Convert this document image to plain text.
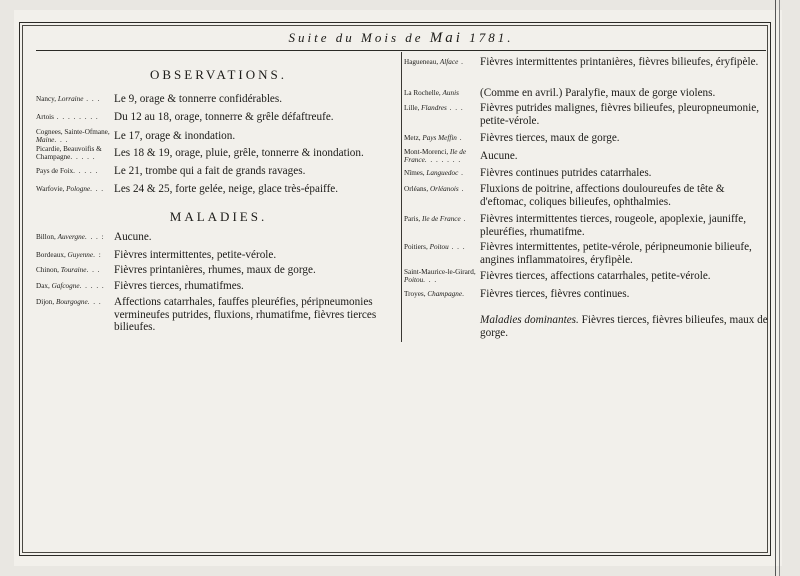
Suite du Mois de Mai 1781.
OBSERVATIONS.
Nancy, Lorraine . . .	Le 9, orage & tonnerre confidérables.
Artois . . . . . . . .	Du 12 au 18, orage, tonnerre & grêle défaftreufe.
Cognees, Sainte-Ofmane, Maine. . .	Le 17, orage & inondation.
Picardie, Beauvoifis & Champagne. . . . .	Les 18 & 19, orage, pluie, grêle, tonnerre & inondation.
Pays de Foix. . . . .	Le 21, trombe qui a fait de grands ravages.
Warfovie, Pologne. . . Les 24 & 25, forte gelée, neige, glace très-épaiffe.
MALADIES.
Billon, Auvergne. . . : Aucune.
Bordeaux, Guyenne. :	Fièvres intermittentes, petite-vérole.
Chinon, Touraine. . .	Fièvres printanières, rhumes, maux de gorge.
Dax, Gafcogne. . . . . Fièvres tierces, rhumatifmes.
Dijon, Bourgogne. . .	Affections catarrhales, fauffes pleuréfies, péripneumonies vermineufes putrides, fluxions, rhumatifme, fièvres tierces bilieufes.
Hagueneau, Alface .	Fièvres intermittentes printanières, fièvres bilieufes, éryfipèle.
La Rochelle, Aunis	(Comme en avril.) Paralyfie, maux de gorge violens.
Lille, Flandres . . .	Fièvres putrides malignes, fièvres bilieufes, pleuropneumonie, petite-vérole.
Metz, Pays Meffin .	Fièvres tierces, maux de gorge.
Mont-Morenci, Ile de France. . . . . . .	Aucune.
Nîmes, Languedoc .	Fièvres continues putrides catarrhales.
Orléans, Orléanois .	Fluxions de poitrine, affections douloureufes de tête & d'eftomac, coliques bilieufes, ophthalmies.
Paris, Ile de France .	Fièvres intermittentes tierces, rougeole, apoplexie, jauniffe, pleuréfies, rhumatifme.
Poitiers, Poitou . . .	Fièvres intermittentes, petite-vérole, péripneumonie bilieufe, angines inflammatoires, éryfipèle.
Saint-Maurice-le-Girard, Poitou. . .	Fièvres tierces, affections catarrhales, petite-vérole.
Troyes, Champagne.	Fièvres tierces, fièvres continues.
Maladies dominantes. Fièvres tierces, fièvres bilieufes, maux de gorge.
